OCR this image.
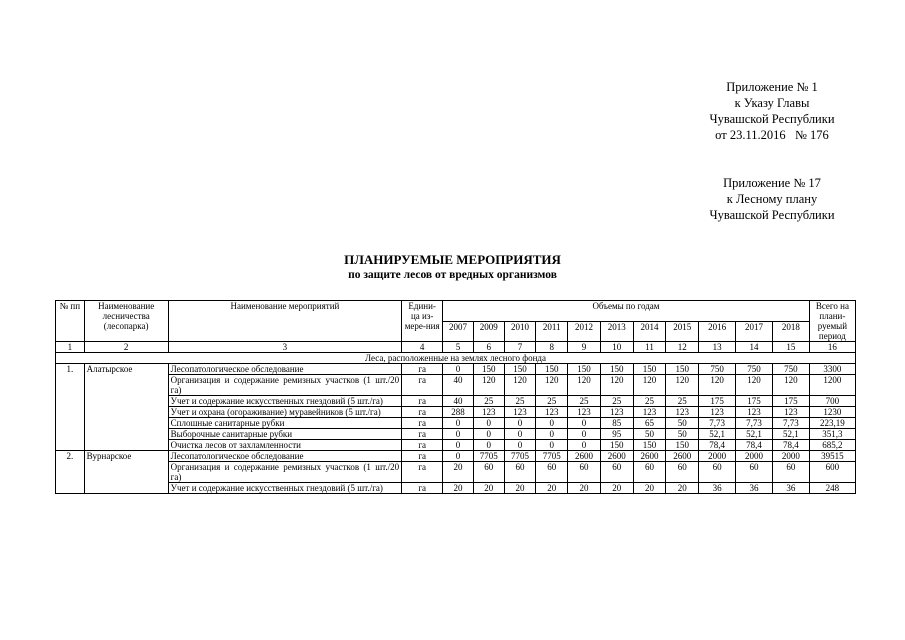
Приложение № 1
к Указу Главы
Чувашской Республики
от 23.11.2016   № 176
Приложение № 17
к Лесному плану
Чувашской Республики
ПЛАНИРУЕМЫЕ МЕРОПРИЯТИЯ
по защите лесов от вредных организмов
№ пп	Наименование лесничества (лесопарка)	Наименование мероприятий	Едини-ца из-мере-ния	Объемы по годам											Всего на плани-руемый период
				2007	2009	2010	2011	2012	2013	2014	2015	2016	2017	2018	
1	2	3	4	5	6	7	8	9	10	11	12	13	14	15	16
Леса, расположенные на землях лесного фонда															
1.	Алатырское	Лесопатологическое обследование	га	0	150	150	150	150	150	150	150	750	750	750	3300
		Организация и содержание ремизных участков (1 шт./20 га)	га	40	120	120	120	120	120	120	120	120	120	120	1200
		Учет и содержание искусственных гнездовий (5 шт./га)	га	40	25	25	25	25	25	25	25	175	175	175	700
		Учет и охрана (огораживание) муравейников (5 шт./га)	га	288	123	123	123	123	123	123	123	123	123	123	1230
		Сплошные санитарные рубки	га	0	0	0	0	0	85	65	50	7,73	7,73	7,73	223,19
		Выборочные санитарные рубки	га	0	0	0	0	0	95	50	50	52,1	52,1	52,1	351,3
		Очистка лесов от захламленности	га	0	0	0	0	0	150	150	150	78,4	78,4	78,4	685,2
2.	Вурнарское	Лесопатологическое обследование	га	0	7705	7705	7705	2600	2600	2600	2600	2000	2000	2000	39515
		Организация и содержание ремизных участков (1 шт./20 га)	га	20	60	60	60	60	60	60	60	60	60	60	600
		Учет и содержание искусственных гнездовий (5 шт./га)	га	20	20	20	20	20	20	20	20	36	36	36	248
